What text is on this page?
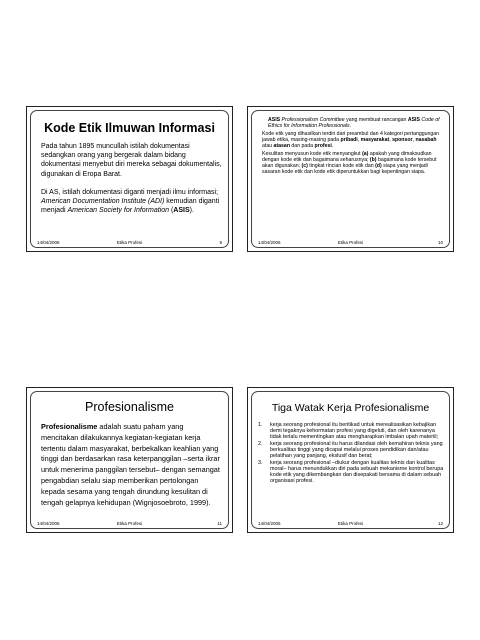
Kode Etik Ilmuwan Informasi

Pada tahun 1895 muncullah istilah dokumentasi sedangkan orang yang bergerak dalam bidang dokumentasi menyebut diri mereka sebagai dokumentalis, digunakan di Eropa Barat.

Di AS, istilah dokumentasi diganti menjadi ilmu informasi; American Documentation Institute (ADI) kemudian diganti menjadi American Society for Information (ASIS).

14/04/2006	Etika Profesi	9

ASIS Professionalism Committee yang membuat rancangan ASIS Code of Ethics for Information Professionals.

Kode etik yang dihasilkan terdiri dari preambul dan 4 kategori pertanggungan jawab etika, masing-masing pada pribadi, masyarakat, sponsor, nasabah atau atasan dan pada profesi.

Kesulitan menyusun kode etik menyangkut (a) apakah yang dimaksudkan dengan kode etik dan bagaimana seharusnya; (b) bagaimana kode tersebut akan digunakan; (c) tingkat rincian kode etik dan (d) siapa yang menjadi sasaran kode etik dan kode etik diperuntukkan bagi kepentingan siapa.

14/04/2006	Etika Profesi	10
Profesionalisme
Profesionalisme adalah suatu paham yang mencitakan dilakukannya kegiatan-kegiatan kerja tertentu dalam masyarakat, berbekalkan keahlian yang tinggi dan berdasarkan rasa keterpanggilan –serta ikrar untuk menerima panggilan tersebut– dengan semangat pengabdian selalu siap memberikan pertolongan kepada sesama yang tengah dirundung kesulitan di tengah gelapnya kehidupan (Wignjosoebroto, 1999).
14/04/2006	Etika Profesi	11
Tiga Watak Kerja Profesionalisme
1.	kerja seorang profesional itu beritikad untuk merealisasikan kebajikan demi tegaknya kehormatan profesi yang digeluti, dan oleh karenanya tidak terlalu mementingkan atau mengharapkan imbalan upah materiil;
2.	kerja seorang profesional itu harus dilandasi oleh kemahiran teknis yang berkualitas tinggi yang dicapai melalui proses pendidikan dan/atau pelatihan yang panjang, ekslusif dan berat;
3.	kerja seorang profesional –diukur dengan kualitas teknis dan kualitas moral– harus menundukkan diri pada sebuah mekanisme kontrol berupa kode etik yang dikembangkan dan disepakati bersama di dalam sebuah organisasi profesi.
14/04/2006	Etika Profesi	12
